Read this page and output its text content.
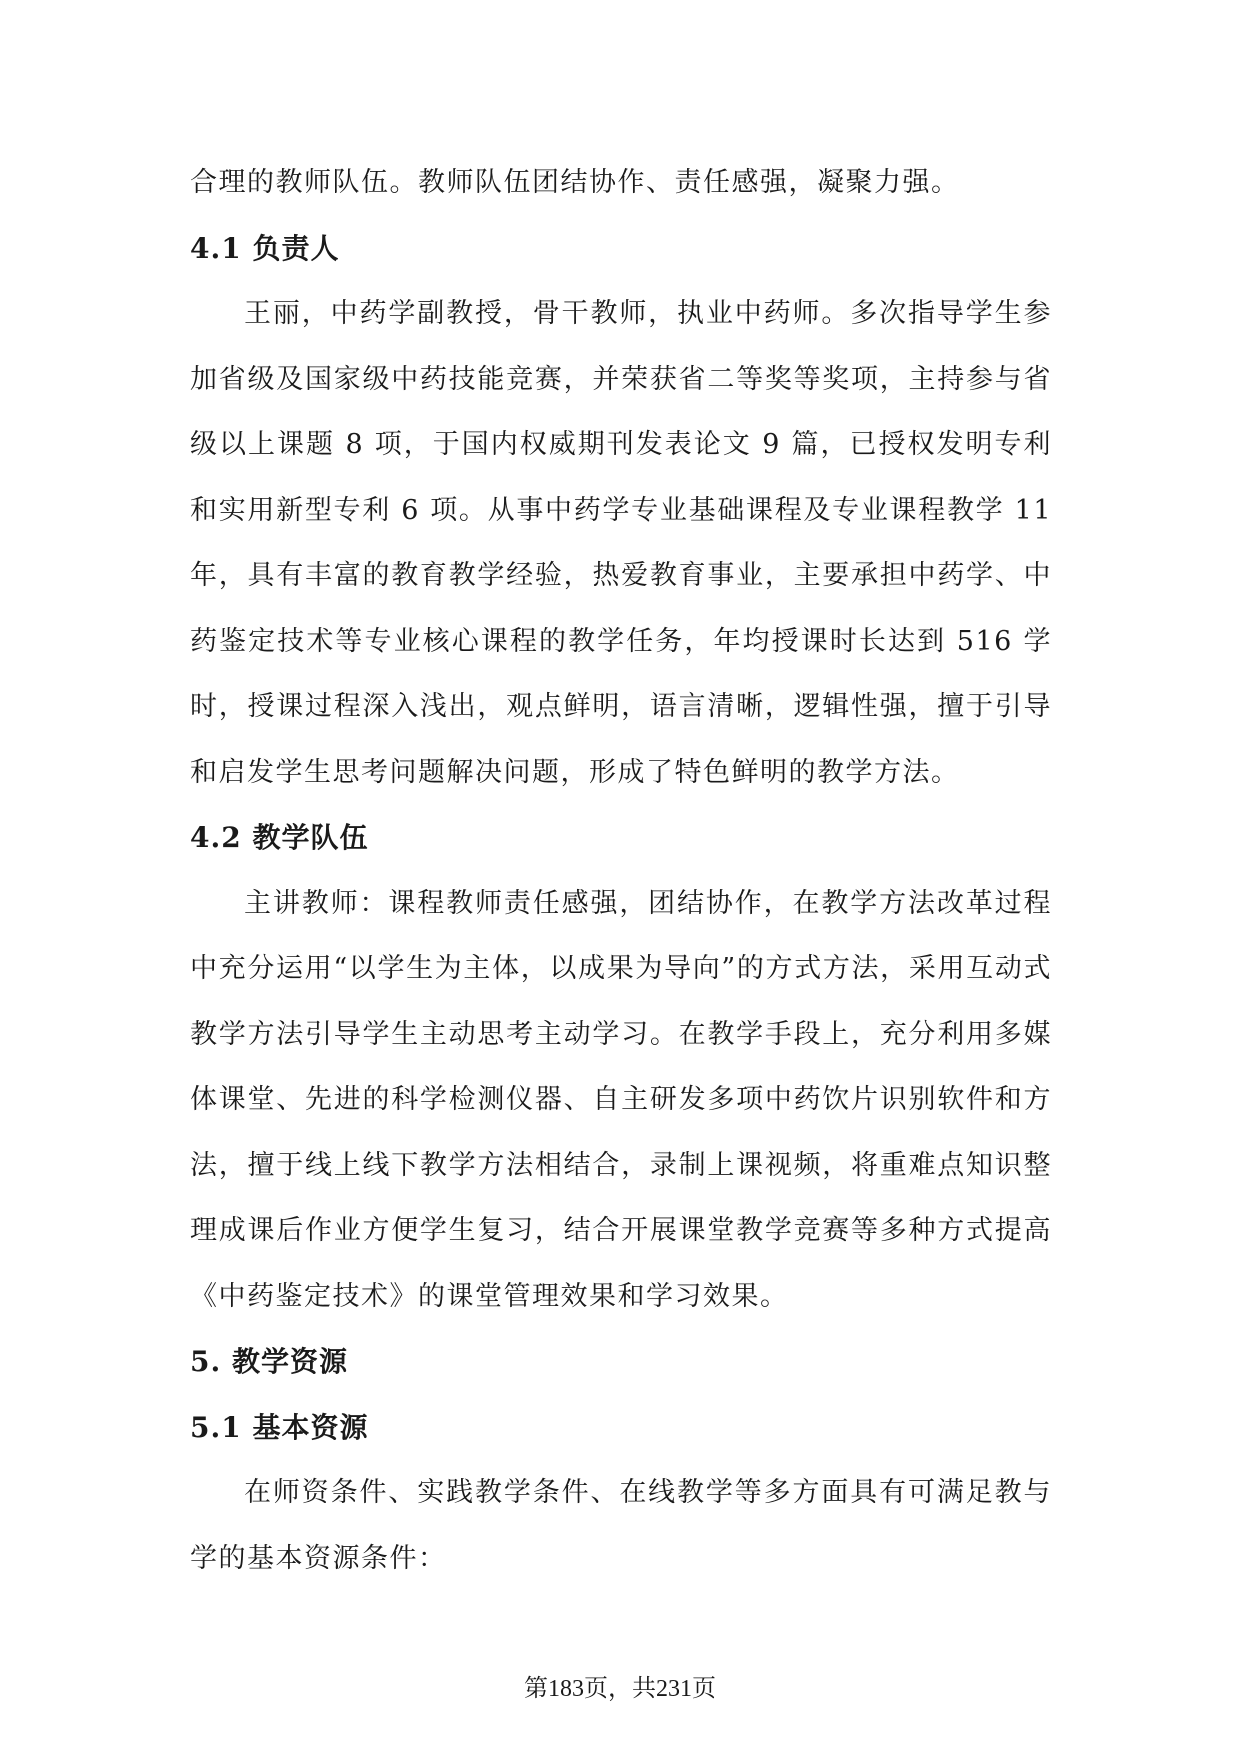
合理的教师队伍。教师队伍团结协作、责任感强，凝聚力强。

4.1 负责人

王丽，中药学副教授，骨干教师，执业中药师。多次指导学生参加省级及国家级中药技能竞赛，并荣获省二等奖等奖项，主持参与省级以上课题 8 项，于国内权威期刊发表论文 9 篇，已授权发明专利和实用新型专利 6 项。从事中药学专业基础课程及专业课程教学 11 年，具有丰富的教育教学经验，热爱教育事业，主要承担中药学、中药鉴定技术等专业核心课程的教学任务，年均授课时长达到 516 学时，授课过程深入浅出，观点鲜明，语言清晰，逻辑性强，擅于引导和启发学生思考问题解决问题，形成了特色鲜明的教学方法。

4.2 教学队伍

主讲教师：课程教师责任感强，团结协作，在教学方法改革过程中充分运用“以学生为主体，以成果为导向”的方式方法，采用互动式教学方法引导学生主动思考主动学习。在教学手段上，充分利用多媒体课堂、先进的科学检测仪器、自主研发多项中药饮片识别软件和方法，擅于线上线下教学方法相结合，录制上课视频，将重难点知识整理成课后作业方便学生复习，结合开展课堂教学竞赛等多种方式提高《中药鉴定技术》的课堂管理效果和学习效果。

5. 教学资源

5.1 基本资源

在师资条件、实践教学条件、在线教学等多方面具有可满足教与学的基本资源条件：

第183页，共231页
